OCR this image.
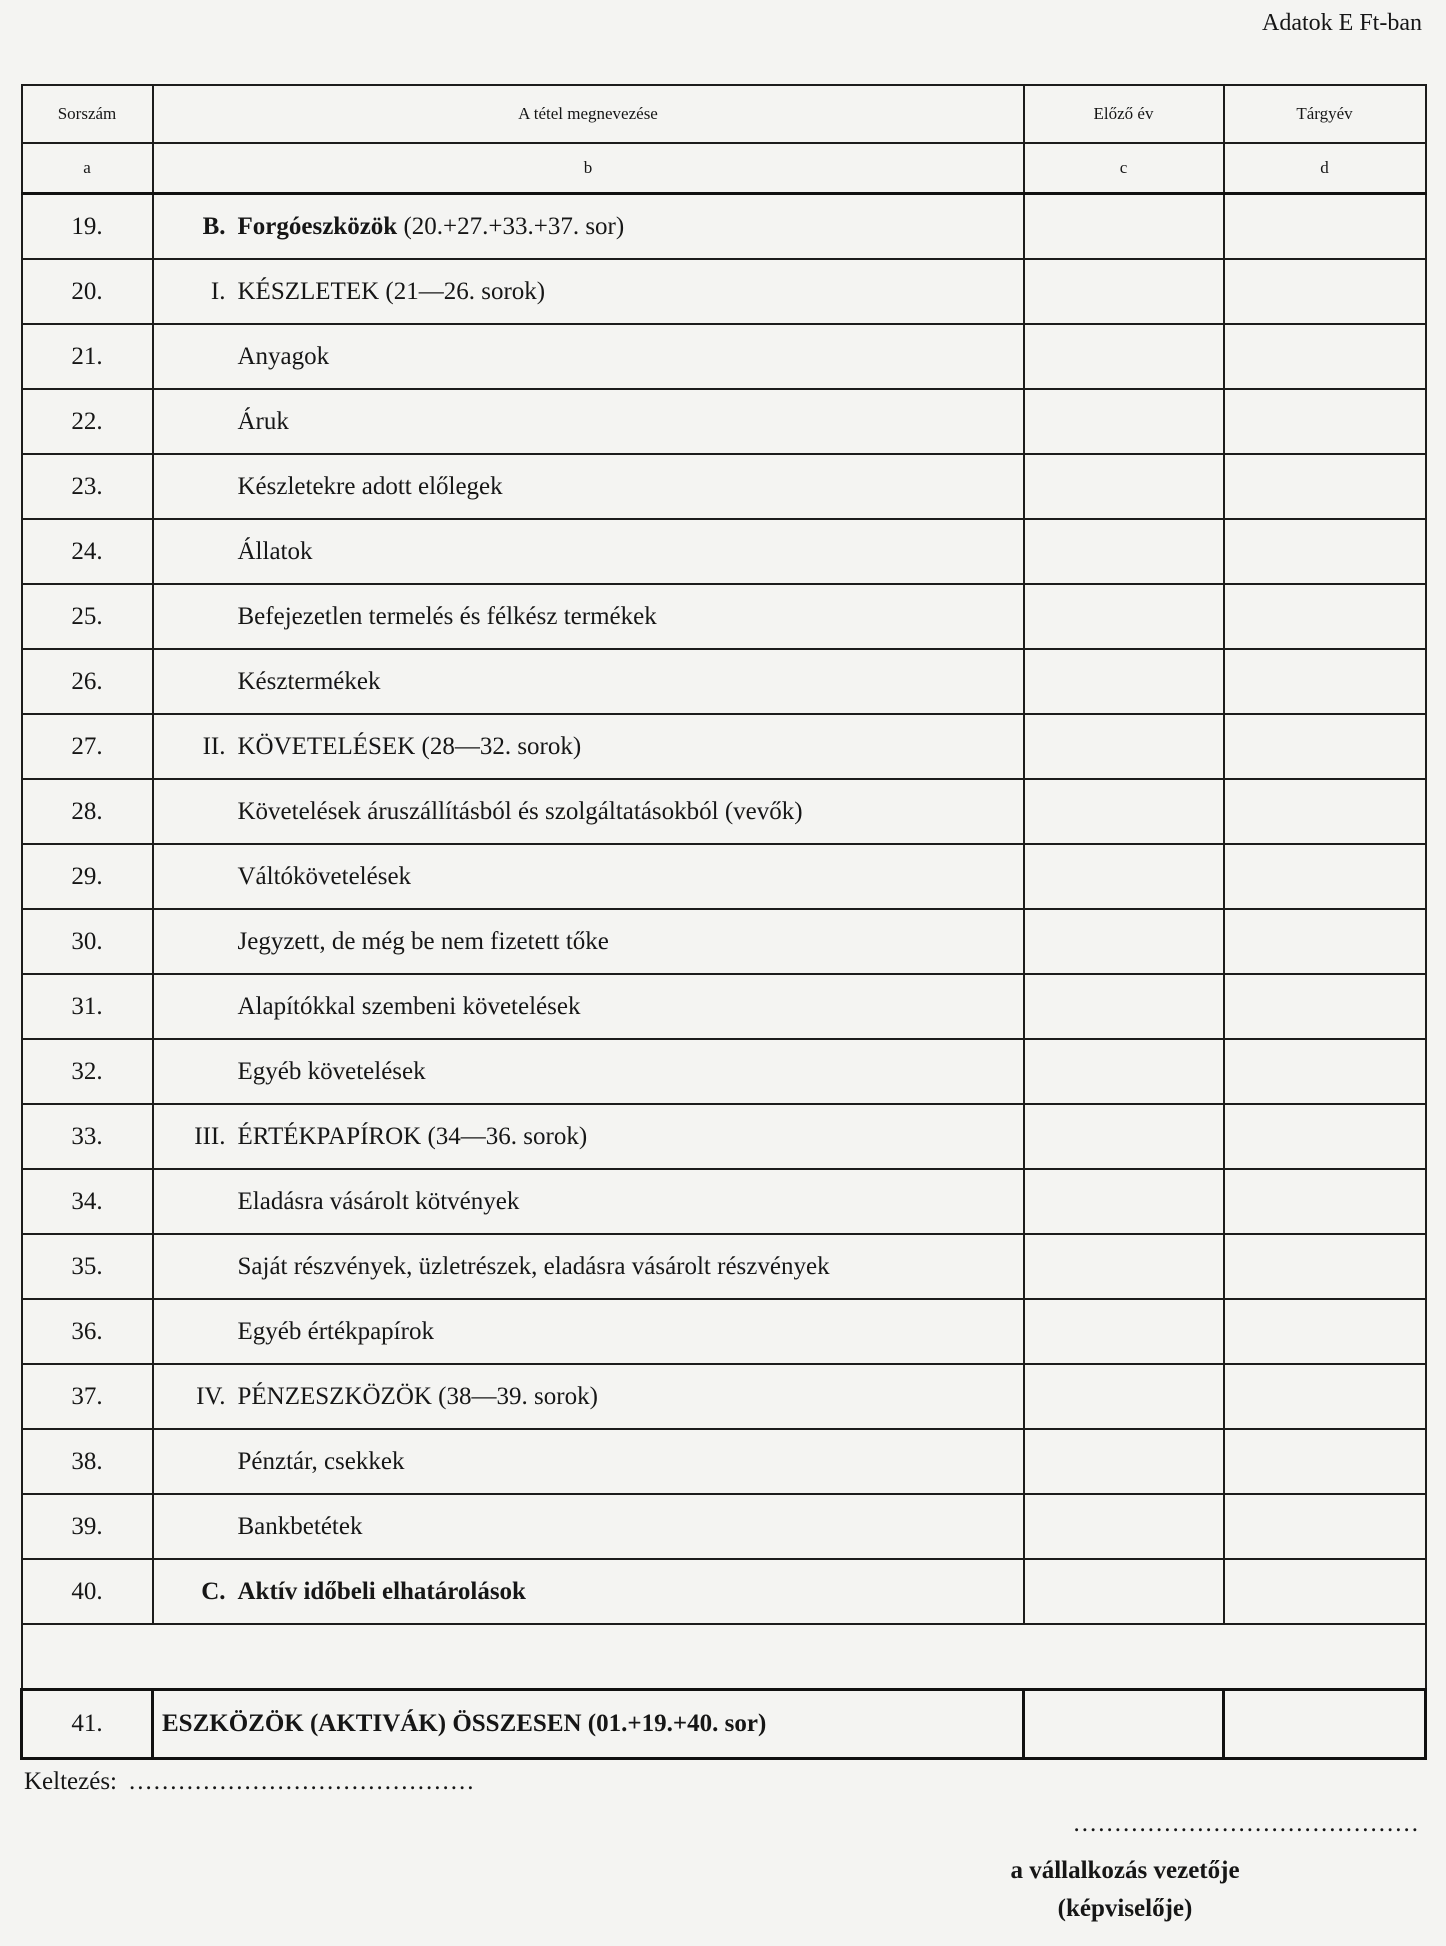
Adatok E Ft-ban
Sorszám	A tétel megnevezése	Előző év	Tárgyév
a	b	c	d
19.	B. Forgóeszközök (20.+27.+33.+37. sor)		
20.	I. KÉSZLETEK (21—26. sorok)		
21.	Anyagok		
22.	Áruk		
23.	Készletekre adott előlegek		
24.	Állatok		
25.	Befejezetlen termelés és félkész termékek		
26.	Késztermékek		
27.	II. KÖVETELÉSEK (28—32. sorok)		
28.	Követelések áruszállításból és szolgáltatásokból (vevők)		
29.	Váltókövetelések		
30.	Jegyzett, de még be nem fizetett tőke		
31.	Alapítókkal szembeni követelések		
32.	Egyéb követelések		
33.	III. ÉRTÉKPAPÍROK (34—36. sorok)		
34.	Eladásra vásárolt kötvények		
35.	Saját részvények, üzletrészek, eladásra vásárolt részvények		
36.	Egyéb értékpapírok		
37.	IV. PÉNZESZKÖZÖK (38—39. sorok)		
38.	Pénztár, csekkek		
39.	Bankbetétek		
40.	C. Aktív időbeli elhatárolások		

41.	ESZKÖZÖK (AKTIVÁK) ÖSSZESEN (01.+19.+40. sor)		
Keltezés: ..........................................
..........................................
a vállalkozás vezetője
(képviselője)
